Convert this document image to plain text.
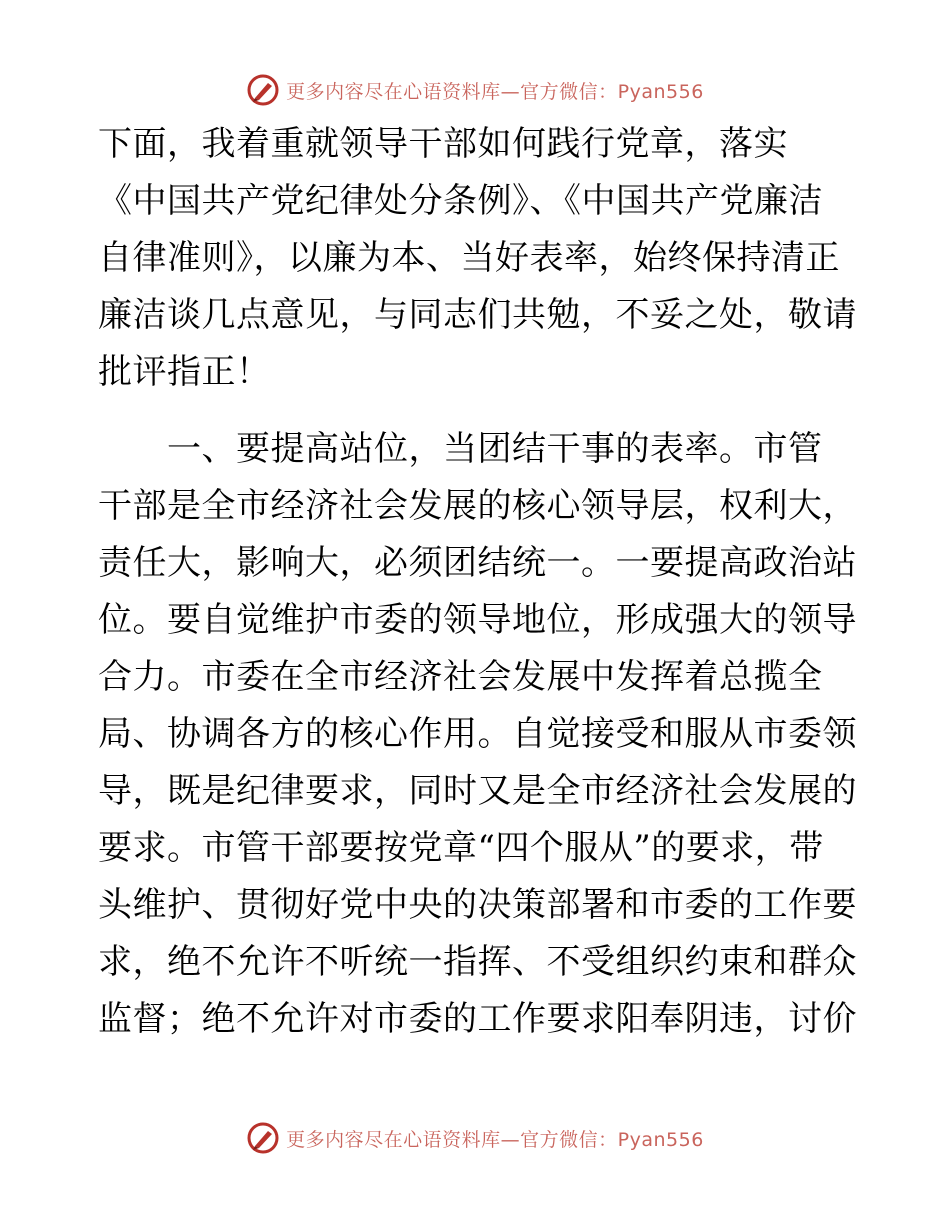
更多内容尽在心语资料库—官方微信：Pyan556

下面，我着重就领导干部如何践行党章，落实
《中国共产党纪律处分条例》、《中国共产党廉洁
自律准则》，以廉为本、当好表率，始终保持清正
廉洁谈几点意见，与同志们共勉，不妥之处，敬请
批评指正！

　　一、要提高站位，当团结干事的表率。市管
干部是全市经济社会发展的核心领导层，权利大，
责任大，影响大，必须团结统一。一要提高政治站
位。要自觉维护市委的领导地位，形成强大的领导
合力。市委在全市经济社会发展中发挥着总揽全
局、协调各方的核心作用。自觉接受和服从市委领
导，既是纪律要求，同时又是全市经济社会发展的
要求。市管干部要按党章“四个服从”的要求，带
头维护、贯彻好党中央的决策部署和市委的工作要
求，绝不允许不听统一指挥、不受组织约束和群众
监督；绝不允许对市委的工作要求阳奉阴违，讨价

更多内容尽在心语资料库—官方微信：Pyan556
